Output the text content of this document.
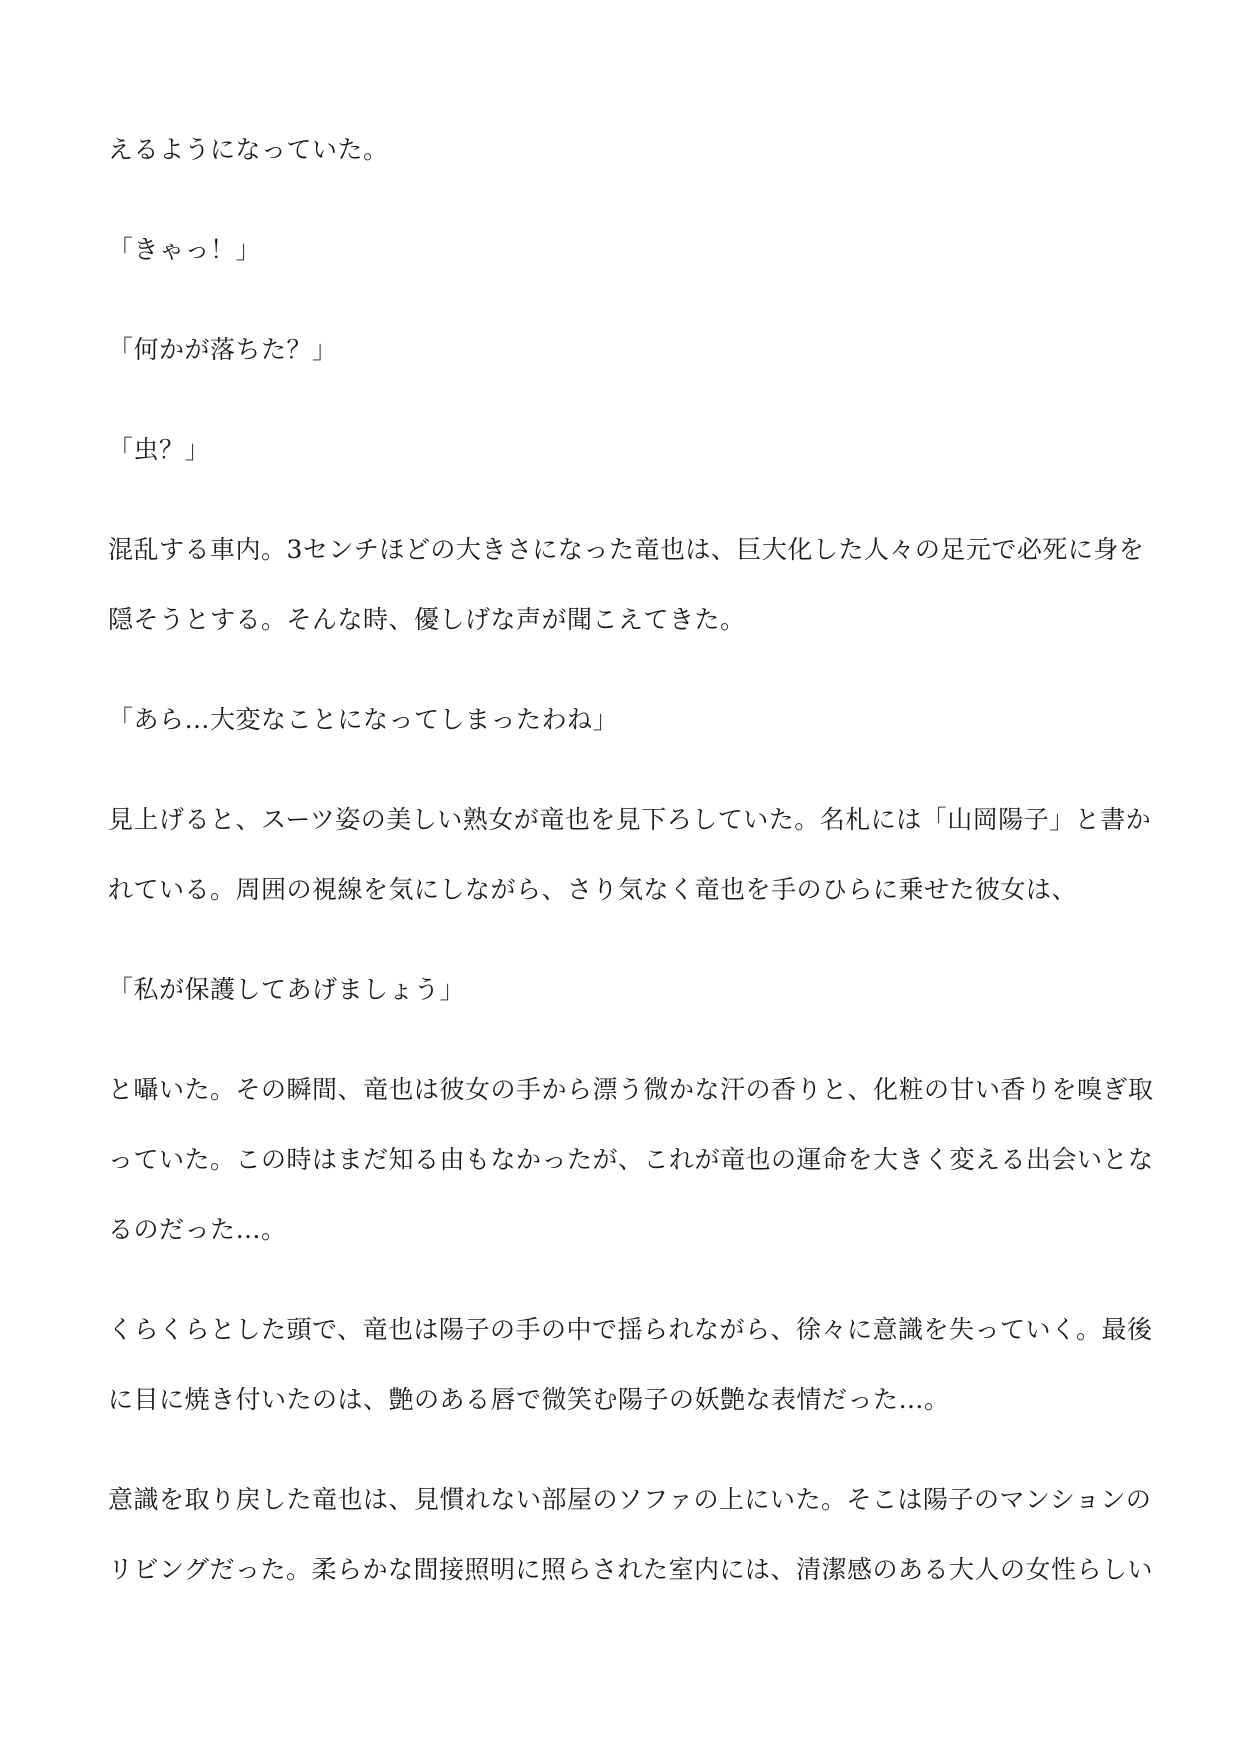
えるようになっていた。
「きゃっ！」
「何かが落ちた？」
「虫？」
混乱する車内。3センチほどの大きさになった竜也は、巨大化した人々の足元で必死に身を
隠そうとする。そんな時、優しげな声が聞こえてきた。
「あら…大変なことになってしまったわね」
見上げると、スーツ姿の美しい熟女が竜也を見下ろしていた。名札には「山岡陽子」と書か
れている。周囲の視線を気にしながら、さり気なく竜也を手のひらに乗せた彼女は、
「私が保護してあげましょう」
と囁いた。その瞬間、竜也は彼女の手から漂う微かな汗の香りと、化粧の甘い香りを嗅ぎ取
っていた。この時はまだ知る由もなかったが、これが竜也の運命を大きく変える出会いとな
るのだった…。
くらくらとした頭で、竜也は陽子の手の中で揺られながら、徐々に意識を失っていく。最後
に目に焼き付いたのは、艶のある唇で微笑む陽子の妖艶な表情だった…。
意識を取り戻した竜也は、見慣れない部屋のソファの上にいた。そこは陽子のマンションの
リビングだった。柔らかな間接照明に照らされた室内には、清潔感のある大人の女性らしい
